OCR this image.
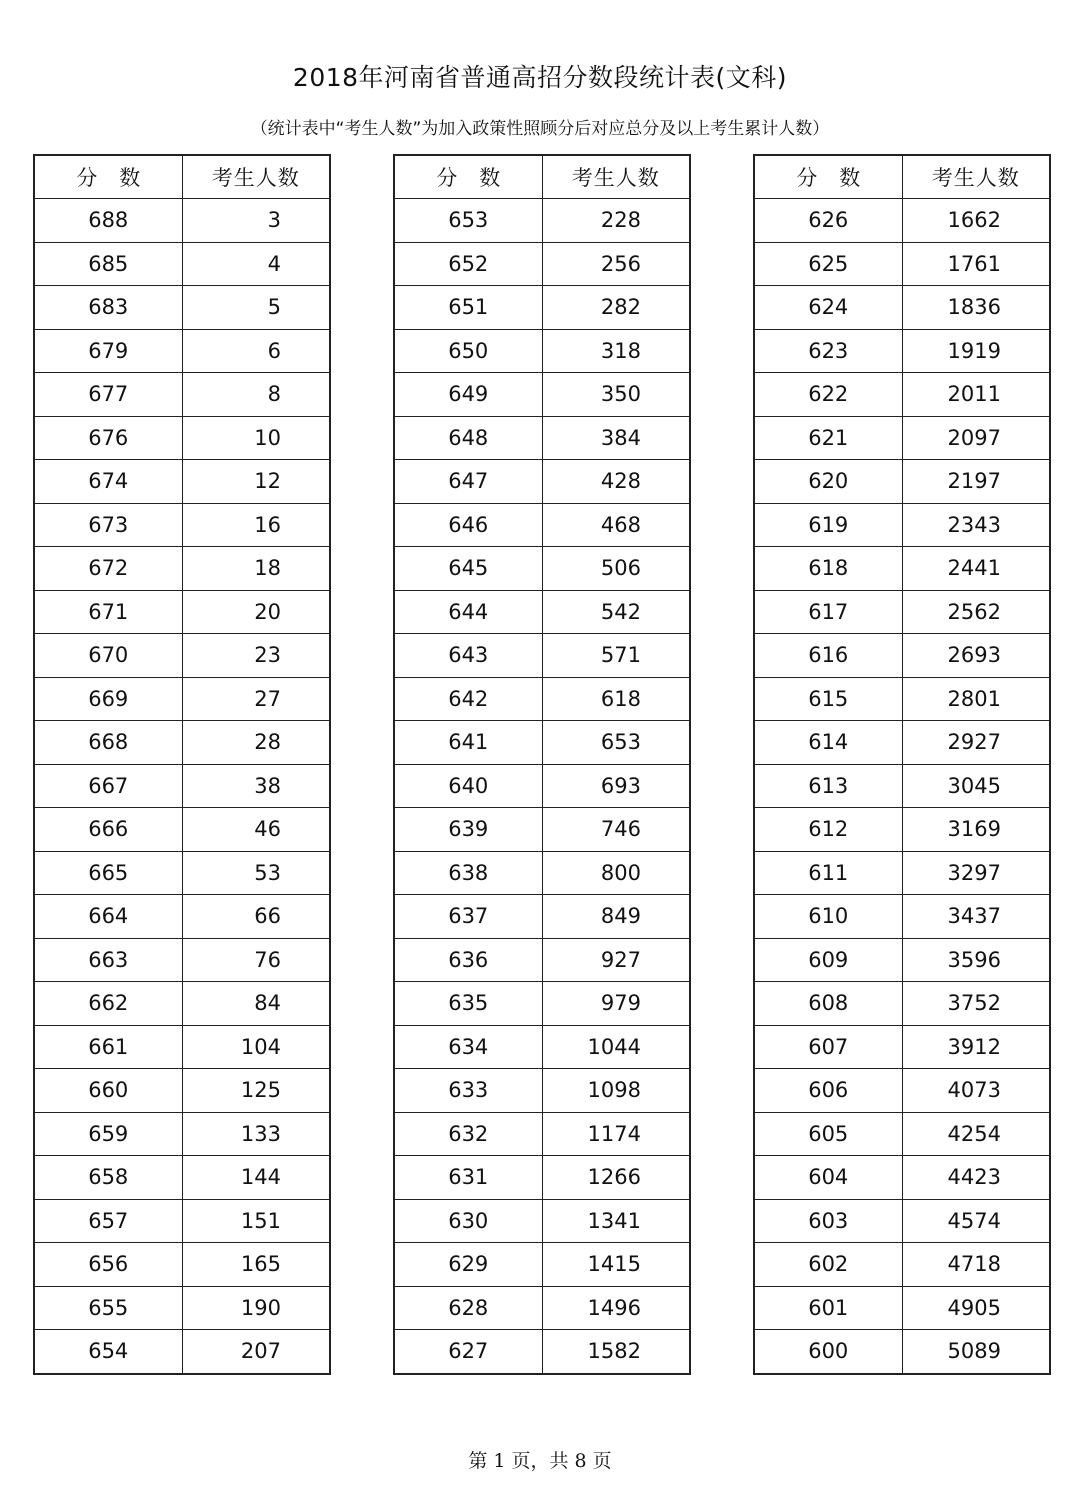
2018年河南省普通高招分数段统计表(文科)
（统计表中“考生人数”为加入政策性照顾分后对应总分及以上考生累计人数）
分数	考生人数
688	3
685	4
683	5
679	6
677	8
676	10
674	12
673	16
672	18
671	20
670	23
669	27
668	28
667	38
666	46
665	53
664	66
663	76
662	84
661	104
660	125
659	133
658	144
657	151
656	165
655	190
654	207
分数	考生人数
653	228
652	256
651	282
650	318
649	350
648	384
647	428
646	468
645	506
644	542
643	571
642	618
641	653
640	693
639	746
638	800
637	849
636	927
635	979
634	1044
633	1098
632	1174
631	1266
630	1341
629	1415
628	1496
627	1582
分数	考生人数
626	1662
625	1761
624	1836
623	1919
622	2011
621	2097
620	2197
619	2343
618	2441
617	2562
616	2693
615	2801
614	2927
613	3045
612	3169
611	3297
610	3437
609	3596
608	3752
607	3912
606	4073
605	4254
604	4423
603	4574
602	4718
601	4905
600	5089
第 1 页，共 8 页
